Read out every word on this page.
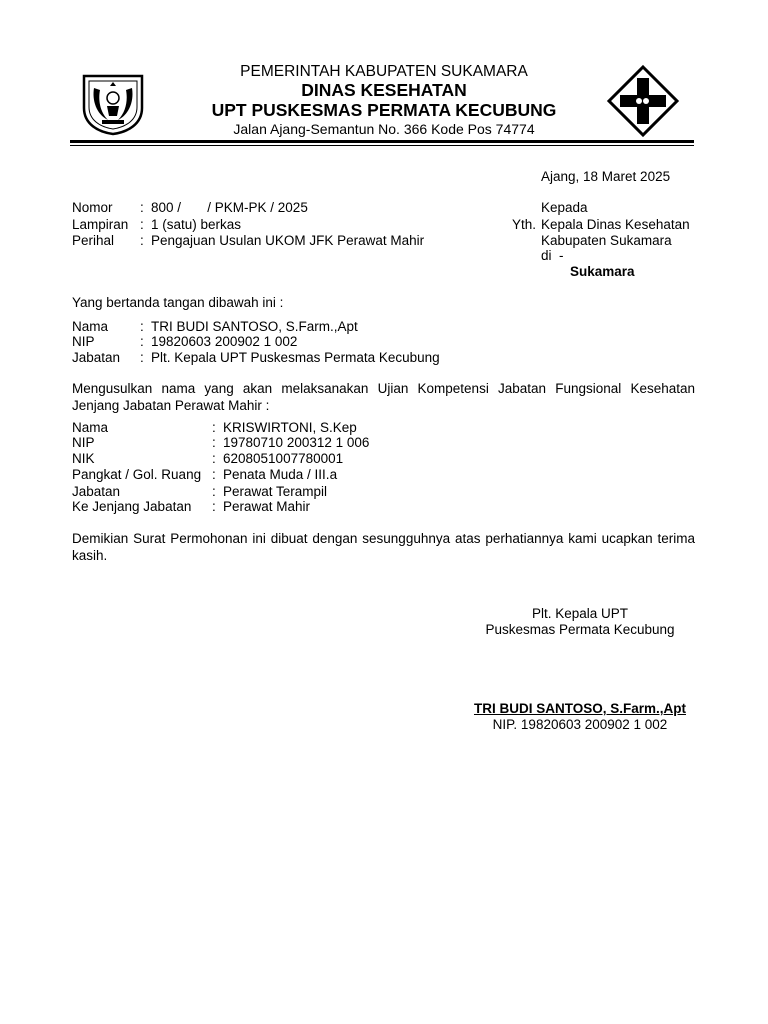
PEMERINTAH KABUPATEN SUKAMARA
DINAS KESEHATAN
UPT PUSKESMAS PERMATA KECUBUNG
Jalan Ajang-Semantun No. 366 Kode Pos 74774
Ajang, 18 Maret 2025
Nomor : 800 /       / PKM-PK / 2025
Lampiran : 1 (satu) berkas
Perihal : Pengajuan Usulan UKOM JFK Perawat Mahir
Kepada
Yth. Kepala Dinas Kesehatan
Kabupaten Sukamara
di  -
Sukamara
Yang bertanda tangan dibawah ini :
Nama : TRI BUDI SANTOSO, S.Farm.,Apt
NIP	: 19820603 200902 1 002
Jabatan : Plt. Kepala UPT Puskesmas Permata Kecubung
Mengusulkan nama yang akan melaksanakan Ujian Kompetensi Jabatan Fungsional Kesehatan Jenjang Jabatan Perawat Mahir :
Nama	: KRISWIRTONI, S.Kep
NIP	: 19780710 200312 1 006
NIK	: 6208051007780001
Pangkat / Gol. Ruang : Penata Muda / III.a
Jabatan	: Perawat Terampil
Ke Jenjang Jabatan : Perawat Mahir
Demikian Surat Permohonan ini dibuat dengan sesungguhnya atas perhatiannya kami ucapkan terima kasih.
Plt. Kepala UPT
Puskesmas Permata Kecubung
TRI BUDI SANTOSO, S.Farm.,Apt
NIP. 19820603 200902 1 002
